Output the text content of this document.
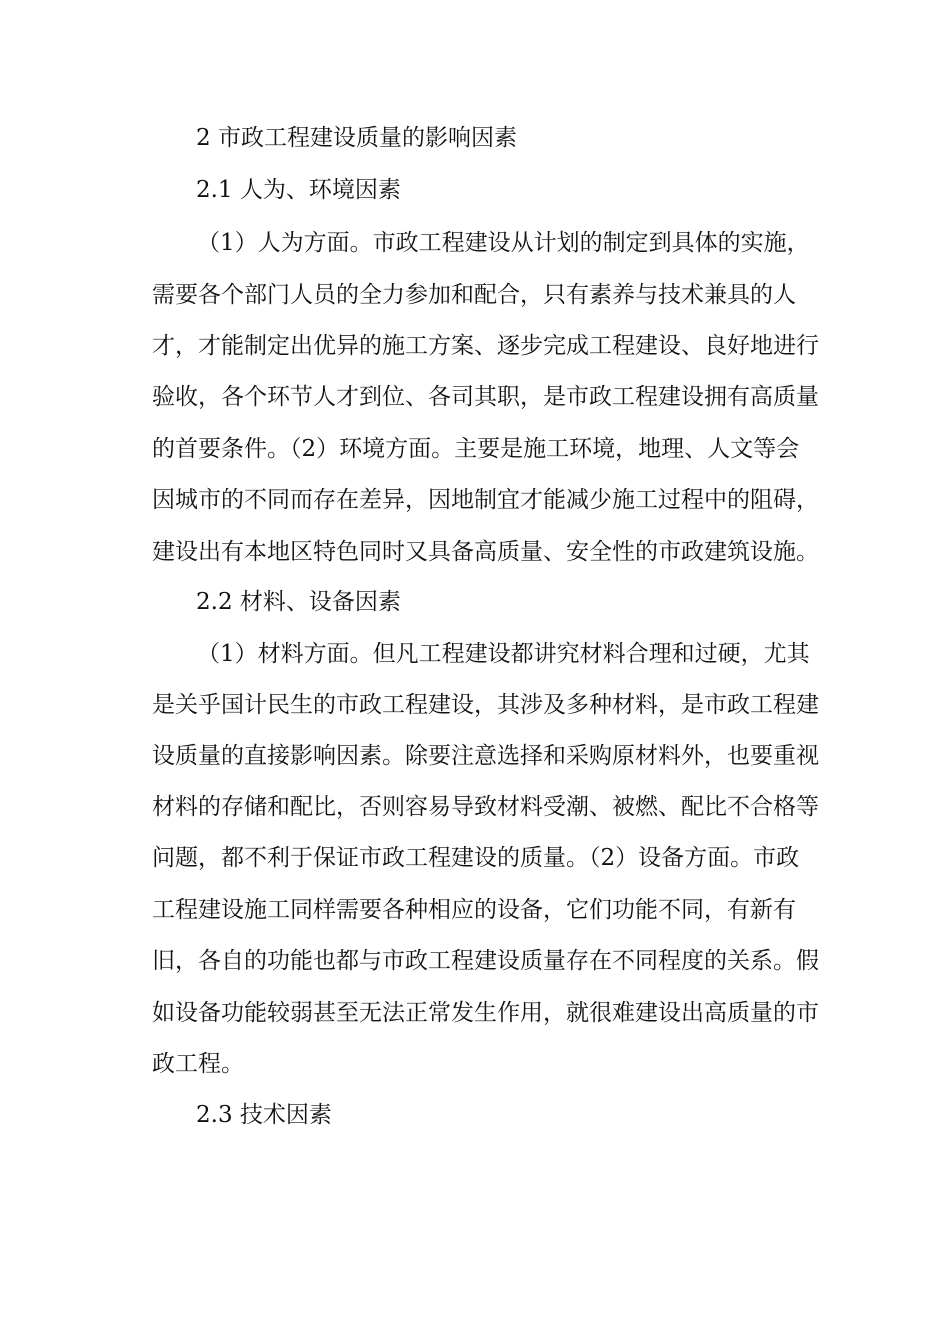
2 市政工程建设质量的影响因素
2.1 人为、环境因素
（1）人为方面。市政工程建设从计划的制定到具体的实施，
需要各个部门人员的全力参加和配合，只有素养与技术兼具的人
才，才能制定出优异的施工方案、逐步完成工程建设、良好地进行
验收，各个环节人才到位、各司其职，是市政工程建设拥有高质量
的首要条件。（2）环境方面。主要是施工环境，地理、人文等会
因城市的不同而存在差异，因地制宜才能减少施工过程中的阻碍，
建设出有本地区特色同时又具备高质量、安全性的市政建筑设施。
2.2 材料、设备因素
（1）材料方面。但凡工程建设都讲究材料合理和过硬，尤其
是关乎国计民生的市政工程建设，其涉及多种材料，是市政工程建
设质量的直接影响因素。除要注意选择和采购原材料外，也要重视
材料的存储和配比，否则容易导致材料受潮、被燃、配比不合格等
问题，都不利于保证市政工程建设的质量。（2）设备方面。市政
工程建设施工同样需要各种相应的设备，它们功能不同，有新有
旧，各自的功能也都与市政工程建设质量存在不同程度的关系。假
如设备功能较弱甚至无法正常发生作用，就很难建设出高质量的市
政工程。
2.3 技术因素
